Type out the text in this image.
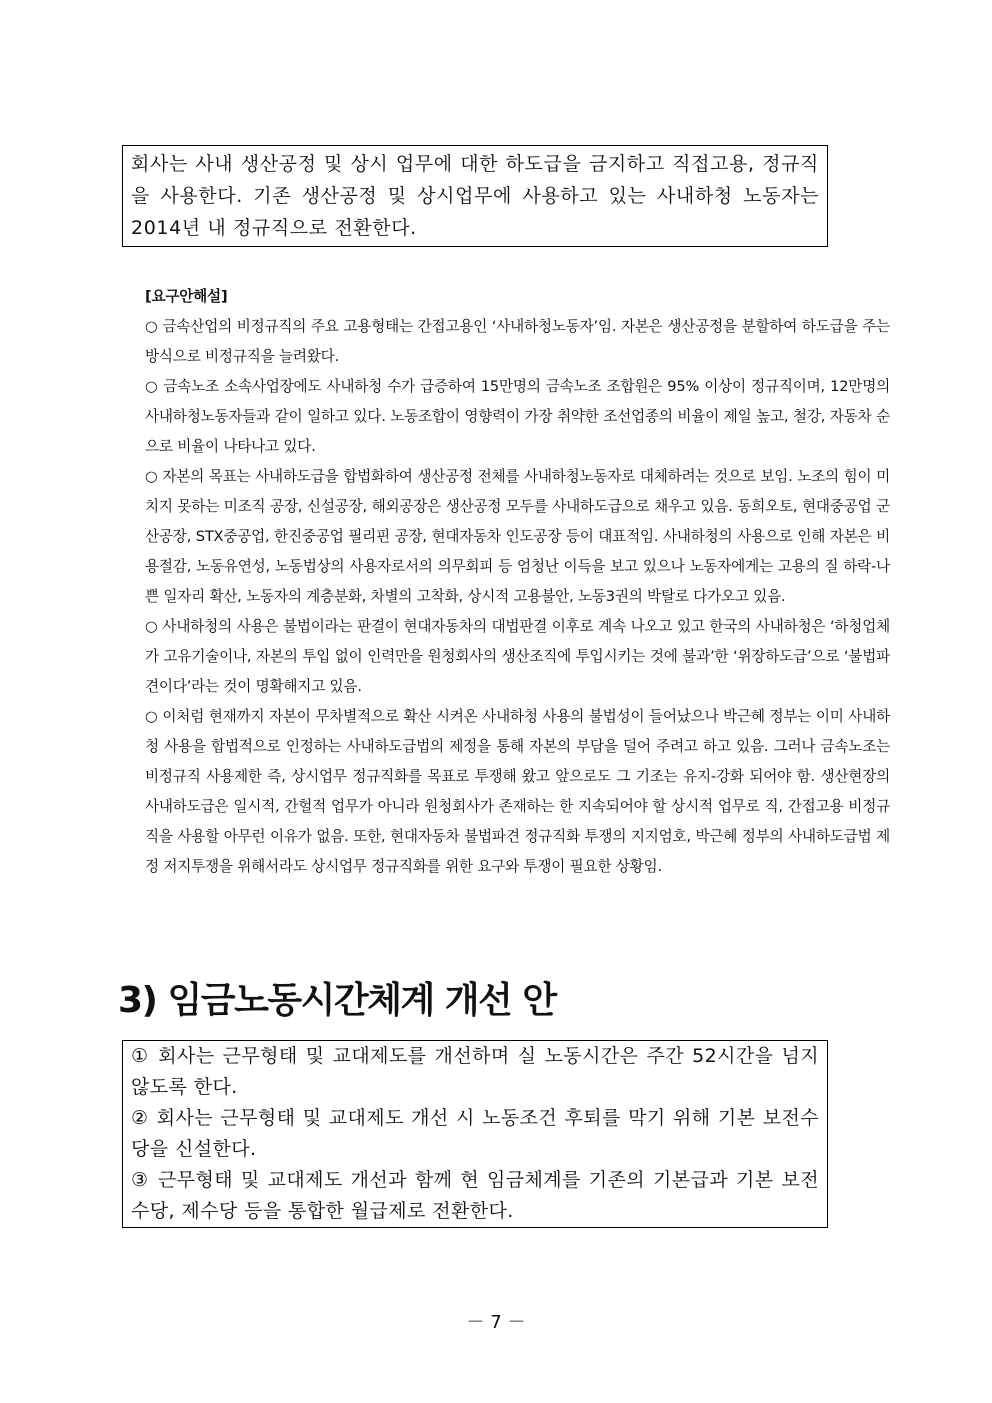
회사는 사내 생산공정 및 상시 업무에 대한 하도급을 금지하고 직접고용, 정규직을 사용한다. 기존 생산공정 및 상시업무에 사용하고 있는 사내하청 노동자는 2014년 내 정규직으로 전환한다.

[요구안해설]

○ 금속산업의 비정규직의 주요 고용형태는 간접고용인 ‘사내하청노동자’임. 자본은 생산공정을 분할하여 하도급을 주는 방식으로 비정규직을 늘려왔다.

○ 금속노조 소속사업장에도 사내하청 수가 급증하여 15만명의 금속노조 조합원은 95% 이상이 정규직이며, 12만명의 사내하청노동자들과 같이 일하고 있다. 노동조합이 영향력이 가장 취약한 조선업종의 비율이 제일 높고, 철강, 자동차 순으로 비율이 나타나고 있다.

○ 자본의 목표는 사내하도급을 합법화하여 생산공정 전체를 사내하청노동자로 대체하려는 것으로 보임. 노조의 힘이 미치지 못하는 미조직 공장, 신설공장, 해외공장은 생산공정 모두를 사내하도급으로 채우고 있음. 동희오토, 현대중공업 군산공장, STX중공업, 한진중공업 필리핀 공장, 현대자동차 인도공장 등이 대표적임. 사내하청의 사용으로 인해 자본은 비용절감, 노동유연성, 노동법상의 사용자로서의 의무회피 등 엄청난 이득을 보고 있으나 노동자에게는 고용의 질 하락-나쁜 일자리 확산, 노동자의 계층분화, 차별의 고착화, 상시적 고용불안, 노동3권의 박탈로 다가오고 있음.

○ 사내하청의 사용은 불법이라는 판결이 현대자동차의 대법판결 이후로 계속 나오고 있고 한국의 사내하청은 ‘하청업체가 고유기술이나, 자본의 투입 없이 인력만을 원청회사의 생산조직에 투입시키는 것에 불과’한 ‘위장하도급’으로 ‘불법파견이다’라는 것이 명확해지고 있음.

○ 이처럼 현재까지 자본이 무차별적으로 확산 시켜온 사내하청 사용의 불법성이 들어났으나 박근혜 정부는 이미 사내하청 사용을 합법적으로 인정하는 사내하도급법의 제정을 통해 자본의 부담을 덜어 주려고 하고 있음. 그러나 금속노조는 비정규직 사용제한 즉, 상시업무 정규직화를 목표로 투쟁해 왔고 앞으로도 그 기조는 유지-강화 되어야 함. 생산현장의 사내하도급은 일시적, 간헐적 업무가 아니라 원청회사가 존재하는 한 지속되어야 할 상시적 업무로 직, 간접고용 비정규직을 사용할 아무런 이유가 없음. 또한, 현대자동차 불법파견 정규직화 투쟁의 지지엄호, 박근혜 정부의 사내하도급법 제정 저지투쟁을 위해서라도 상시업무 정규직화를 위한 요구와 투쟁이 필요한 상황임.

3) 임금노동시간체계 개선 안

① 회사는 근무형태 및 교대제도를 개선하며 실 노동시간은 주간 52시간을 넘지 않도록 한다.

② 회사는 근무형태 및 교대제도 개선 시 노동조건 후퇴를 막기 위해 기본 보전수당을 신설한다.

③ 근무형태 및 교대제도 개선과 함께 현 임금체계를 기존의 기본급과 기본 보전수당, 제수당 등을 통합한 월급제로 전환한다.

－ 7 －
